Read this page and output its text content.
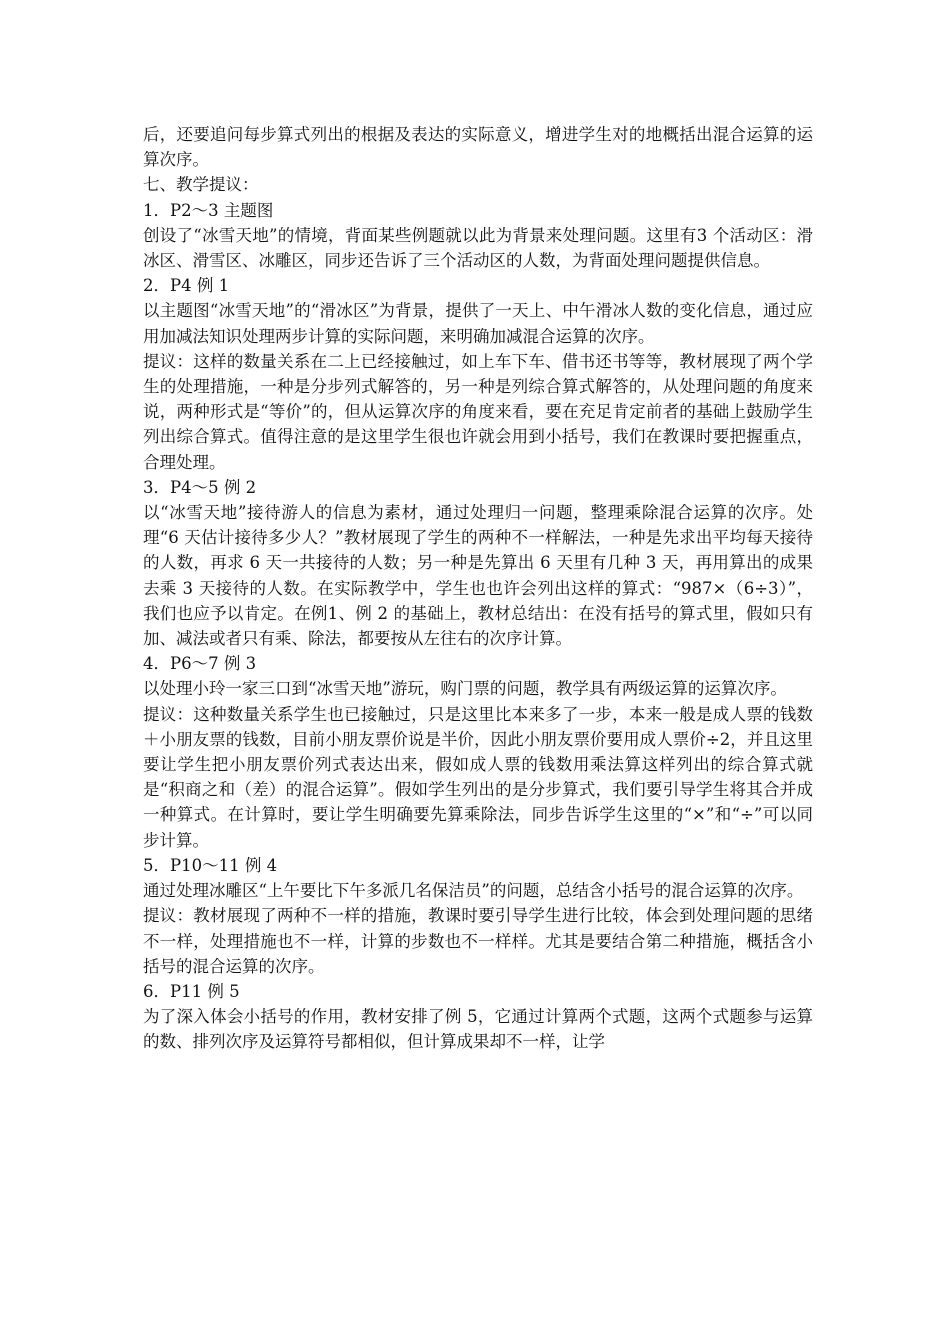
后，还要追问每步算式列出的根据及表达的实际意义，增进学生对的地概括出混合运算的运算次序。

七、教学提议：

1．P2～3 主题图

创设了“冰雪天地”的情境，背面某些例题就以此为背景来处理问题。这里有3 个活动区：滑冰区、滑雪区、冰雕区，同步还告诉了三个活动区的人数，为背面处理问题提供信息。

2．P4 例 1

以主题图“冰雪天地”的“滑冰区”为背景，提供了一天上、中午滑冰人数的变化信息，通过应用加减法知识处理两步计算的实际问题，来明确加减混合运算的次序。

提议：这样的数量关系在二上已经接触过，如上车下车、借书还书等等，教材展现了两个学生的处理措施，一种是分步列式解答的，另一种是列综合算式解答的，从处理问题的角度来说，两种形式是“等价”的，但从运算次序的角度来看，要在充足肯定前者的基础上鼓励学生列出综合算式。值得注意的是这里学生很也许就会用到小括号，我们在教课时要把握重点，合理处理。

3．P4～5 例 2

以“冰雪天地”接待游人的信息为素材，通过处理归一问题，整理乘除混合运算的次序。处理“6 天估计接待多少人？”教材展现了学生的两种不一样解法，一种是先求出平均每天接待的人数，再求 6 天一共接待的人数；另一种是先算出 6 天里有几种 3 天，再用算出的成果去乘 3 天接待的人数。在实际教学中，学生也也许会列出这样的算式：“987×（6÷3）”，我们也应予以肯定。在例1、例 2 的基础上，教材总结出：在没有括号的算式里，假如只有加、减法或者只有乘、除法，都要按从左往右的次序计算。

4．P6～7 例 3

以处理小玲一家三口到“冰雪天地”游玩，购门票的问题，教学具有两级运算的运算次序。

提议：这种数量关系学生也已接触过，只是这里比本来多了一步，本来一般是成人票的钱数＋小朋友票的钱数，目前小朋友票价说是半价，因此小朋友票价要用成人票价÷2，并且这里要让学生把小朋友票价列式表达出来，假如成人票的钱数用乘法算这样列出的综合算式就是“积商之和（差）的混合运算”。假如学生列出的是分步算式，我们要引导学生将其合并成一种算式。在计算时，要让学生明确要先算乘除法，同步告诉学生这里的“×”和“÷”可以同步计算。

5．P10～11 例 4

通过处理冰雕区“上午要比下午多派几名保洁员”的问题，总结含小括号的混合运算的次序。

提议：教材展现了两种不一样的措施，教课时要引导学生进行比较，体会到处理问题的思绪不一样，处理措施也不一样，计算的步数也不一样样。尤其是要结合第二种措施，概括含小括号的混合运算的次序。

6．P11 例 5

为了深入体会小括号的作用，教材安排了例 5，它通过计算两个式题，这两个式题参与运算的数、排列次序及运算符号都相似，但计算成果却不一样，让学
